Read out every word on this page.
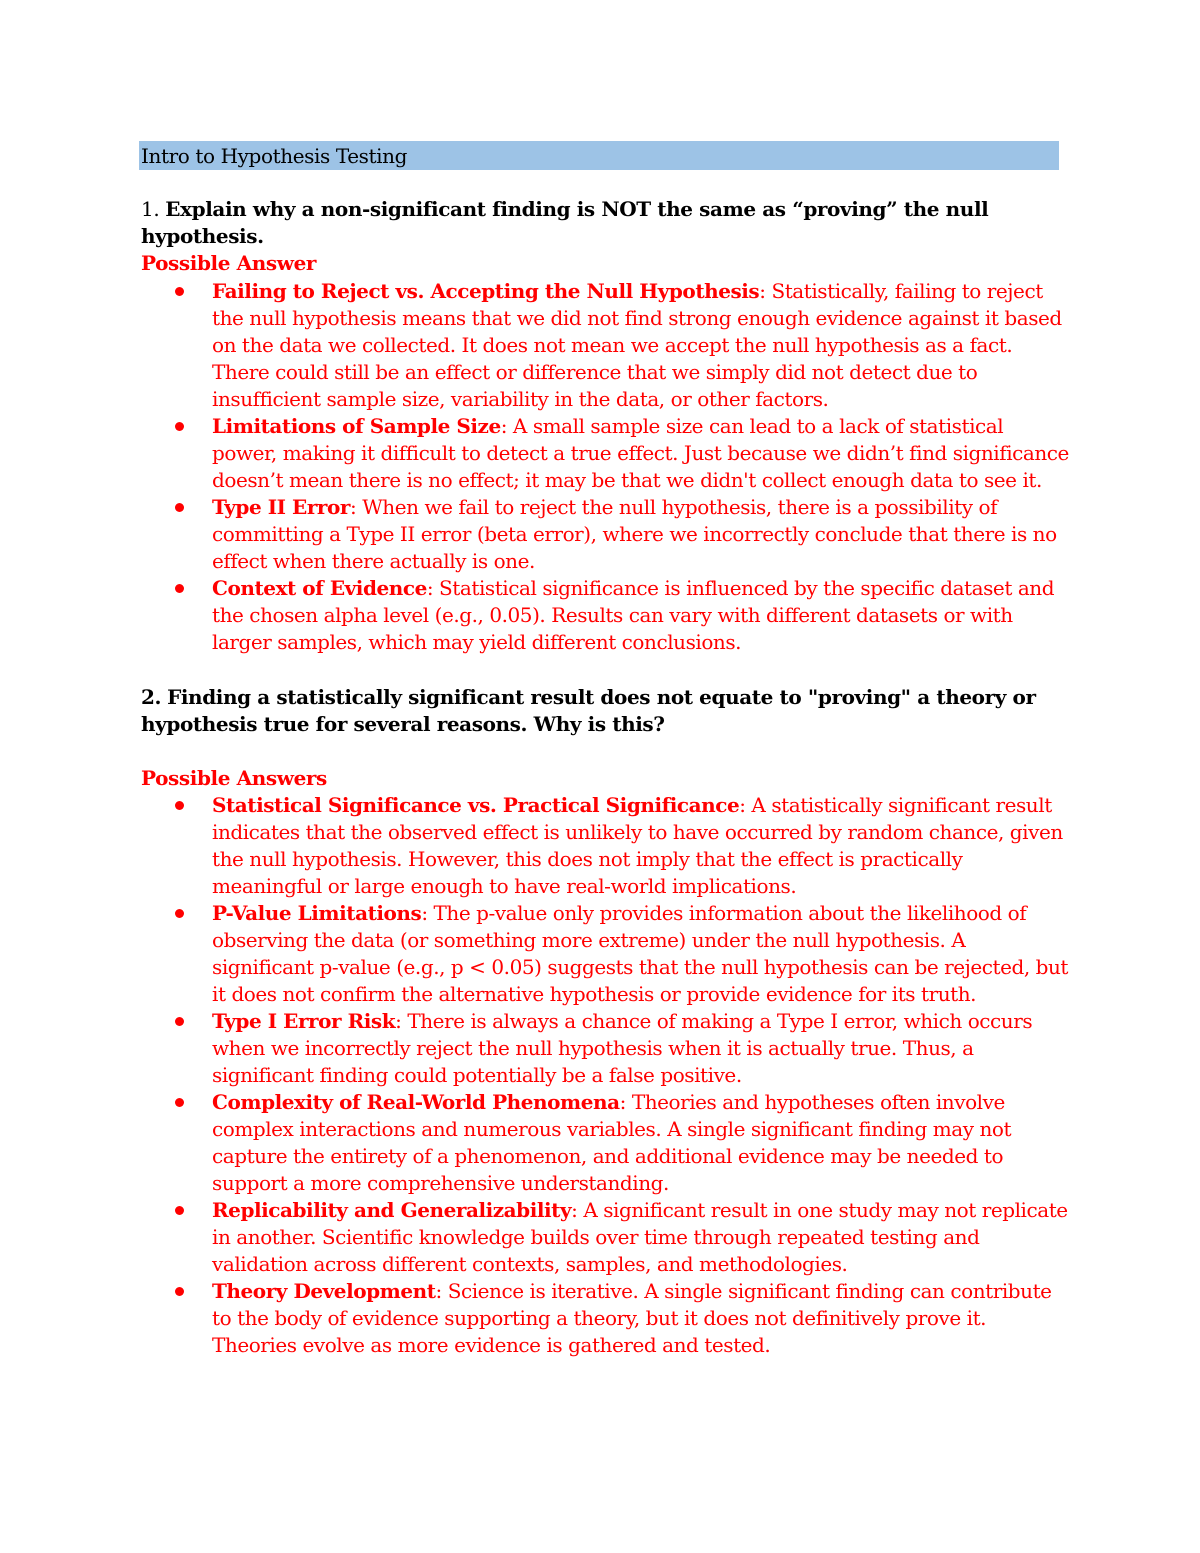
Intro to Hypothesis Testing
1. Explain why a non-significant finding is NOT the same as “proving” the null hypothesis.
Possible Answer
Failing to Reject vs. Accepting the Null Hypothesis: Statistically, failing to reject the null hypothesis means that we did not find strong enough evidence against it based on the data we collected. It does not mean we accept the null hypothesis as a fact. There could still be an effect or difference that we simply did not detect due to insufficient sample size, variability in the data, or other factors.
Limitations of Sample Size: A small sample size can lead to a lack of statistical power, making it difficult to detect a true effect. Just because we didn’t find significance doesn’t mean there is no effect; it may be that we didn't collect enough data to see it.
Type II Error: When we fail to reject the null hypothesis, there is a possibility of committing a Type II error (beta error), where we incorrectly conclude that there is no effect when there actually is one.
Context of Evidence: Statistical significance is influenced by the specific dataset and the chosen alpha level (e.g., 0.05). Results can vary with different datasets or with larger samples, which may yield different conclusions.
2. Finding a statistically significant result does not equate to "proving" a theory or hypothesis true for several reasons. Why is this?
Possible Answers
Statistical Significance vs. Practical Significance: A statistically significant result indicates that the observed effect is unlikely to have occurred by random chance, given the null hypothesis. However, this does not imply that the effect is practically meaningful or large enough to have real-world implications.
P-Value Limitations: The p-value only provides information about the likelihood of observing the data (or something more extreme) under the null hypothesis. A significant p-value (e.g., p < 0.05) suggests that the null hypothesis can be rejected, but it does not confirm the alternative hypothesis or provide evidence for its truth.
Type I Error Risk: There is always a chance of making a Type I error, which occurs when we incorrectly reject the null hypothesis when it is actually true. Thus, a significant finding could potentially be a false positive.
Complexity of Real-World Phenomena: Theories and hypotheses often involve complex interactions and numerous variables. A single significant finding may not capture the entirety of a phenomenon, and additional evidence may be needed to support a more comprehensive understanding.
Replicability and Generalizability: A significant result in one study may not replicate in another. Scientific knowledge builds over time through repeated testing and validation across different contexts, samples, and methodologies.
Theory Development: Science is iterative. A single significant finding can contribute to the body of evidence supporting a theory, but it does not definitively prove it. Theories evolve as more evidence is gathered and tested.
